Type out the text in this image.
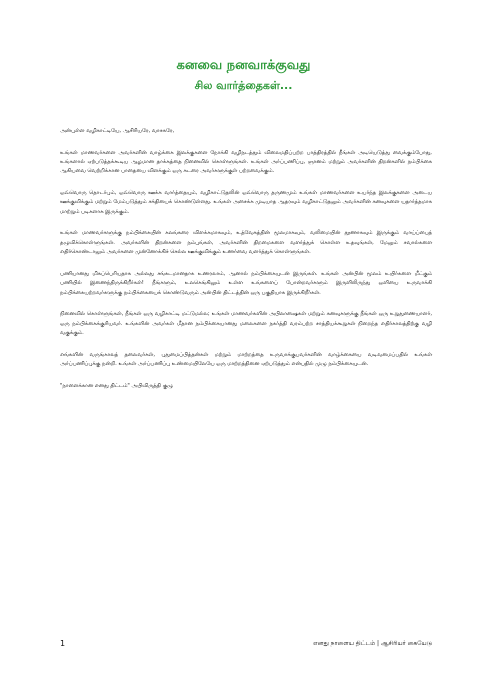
கனவை நனவாக்குவது
சில வார்த்தைகள்...

அன்புள்ள வழிகாட்டியே, ஆசிரியரே, வாசகரே,

உங்கள் மாணவர்களை அவர்களின் வாழ்க்கை இலக்குகளை நோக்கி வழிநடத்தும் விலைமதிப்பற்ற பாத்திரத்தில் நீங்கள் அடியெடுத்து வைக்கும்போது, உங்களால் ஏற்படுத்தக்கூடிய ஆழமான தாக்கத்தை நினைவில் கொள்ளுங்கள். உங்கள் அர்ப்பணிப்பு, ஞானம் மற்றும் அவர்களின் திறன்களில் நம்பிக்கை ஆகியவை வெற்றிக்கான பாதையை விளக்கும் ஒரு சுடரை அவர்களுக்குள் பற்றவைக்கும்.

ஒவ்வொரு தொடர்பும், ஒவ்வொரு ஊக்க வார்த்தையும், வழிகாட்டுதலின் ஒவ்வொரு தருணமும் உங்கள் மாணவர்களை உயர்ந்த இலக்குகளை அடைய ஊக்குவிக்கும் மற்றும் மேம்படுத்தும் சக்தியைக் கொண்டுள்ளது. உங்கள் அசைக்க முடியாத ஆதரவும் வழிகாட்டுதலும் அவர்களின் கனவுகளை யதார்த்தமாக மாற்றும் படிகளாக இருக்கும்.

உங்கள் மாணவர்களுக்கு நம்பிக்கையின் கலங்கரை விளக்கமாகவும், உத்வேகத்தின் மூலமாகவும், வலிமையின் தூணாகவும் இருக்கும் வாய்ப்பைத் தழுவிக்கொள்ளுங்கள். அவர்களின் திறன்களை நம்புங்கள், அவர்களின் திறமைகளை வளர்த்துக் கொள்ள உதவுங்கள், மேலும் சவால்களை எதிர்கொண்டாலும் அவர்களை முன்னோக்கிச் செல்ல ஊக்குவிக்கும் உணர்வை வளர்த்துக் கொள்ளுங்கள்.

பணியானது மிகப்பெரியதாக அல்லது சங்கடமானதாக உணரலாம், ஆனால் நம்பிக்கையுடன் இருங்கள். உங்கள் அன்பின் மூலம் உயிர்களை மீட்கும் பணியில் இணைந்திருக்கிறீர்கள்! நீங்களும், உலகெங்கிலும் உள்ள உங்களைப் போன்றவர்களும் இருளிலிருந்து ஒளியை உருவாக்கி நம்பிக்கையற்றவர்களுக்கு நம்பிக்கையைக் கொண்டுவரும் அன்பின் திட்டத்தின் ஒரு பகுதியாக இருக்கிறீர்கள்.

நினைவில் கொள்ளுங்கள், நீங்கள் ஒரு வழிகாட்டி மட்டுமல்ல; உங்கள் மாணவர்களின் அபிலாஷைகள் மற்றும் கனவுகளுக்கு நீங்கள் ஒரு உறுதுணையாளர், ஒரு நம்பிக்கைக்குரியவர். உங்களின் அவர்கள் மீதான நம்பிக்கையானது மலைகளை நகர்த்தி வரம்பற்ற சாத்தியக்கூறுகள் நிறைந்த எதிர்காலத்திற்கு வழி வகுக்கும்.

எங்களின் வருங்காலத் தலைவர்கள், புதுமைப்பித்தன்கள் மற்றும் மாற்றத்தை உருவாக்குபவர்களின் வாழ்க்கையை வடிவமைப்பதில் உங்கள் அர்ப்பணிப்புக்கு நன்றி. உங்கள் அர்ப்பணிப்பு உண்மையிலேயே ஒரு மாற்றத்தினை ஏற்படுத்தும் என்பதில் முழு நம்பிக்கையுடன்.

"நாளைக்கான எனது திட்டம்" அபிவிருத்தி குழு

1	எனது நாளைய திட்டம் | ஆசிரியர் கையேடு
